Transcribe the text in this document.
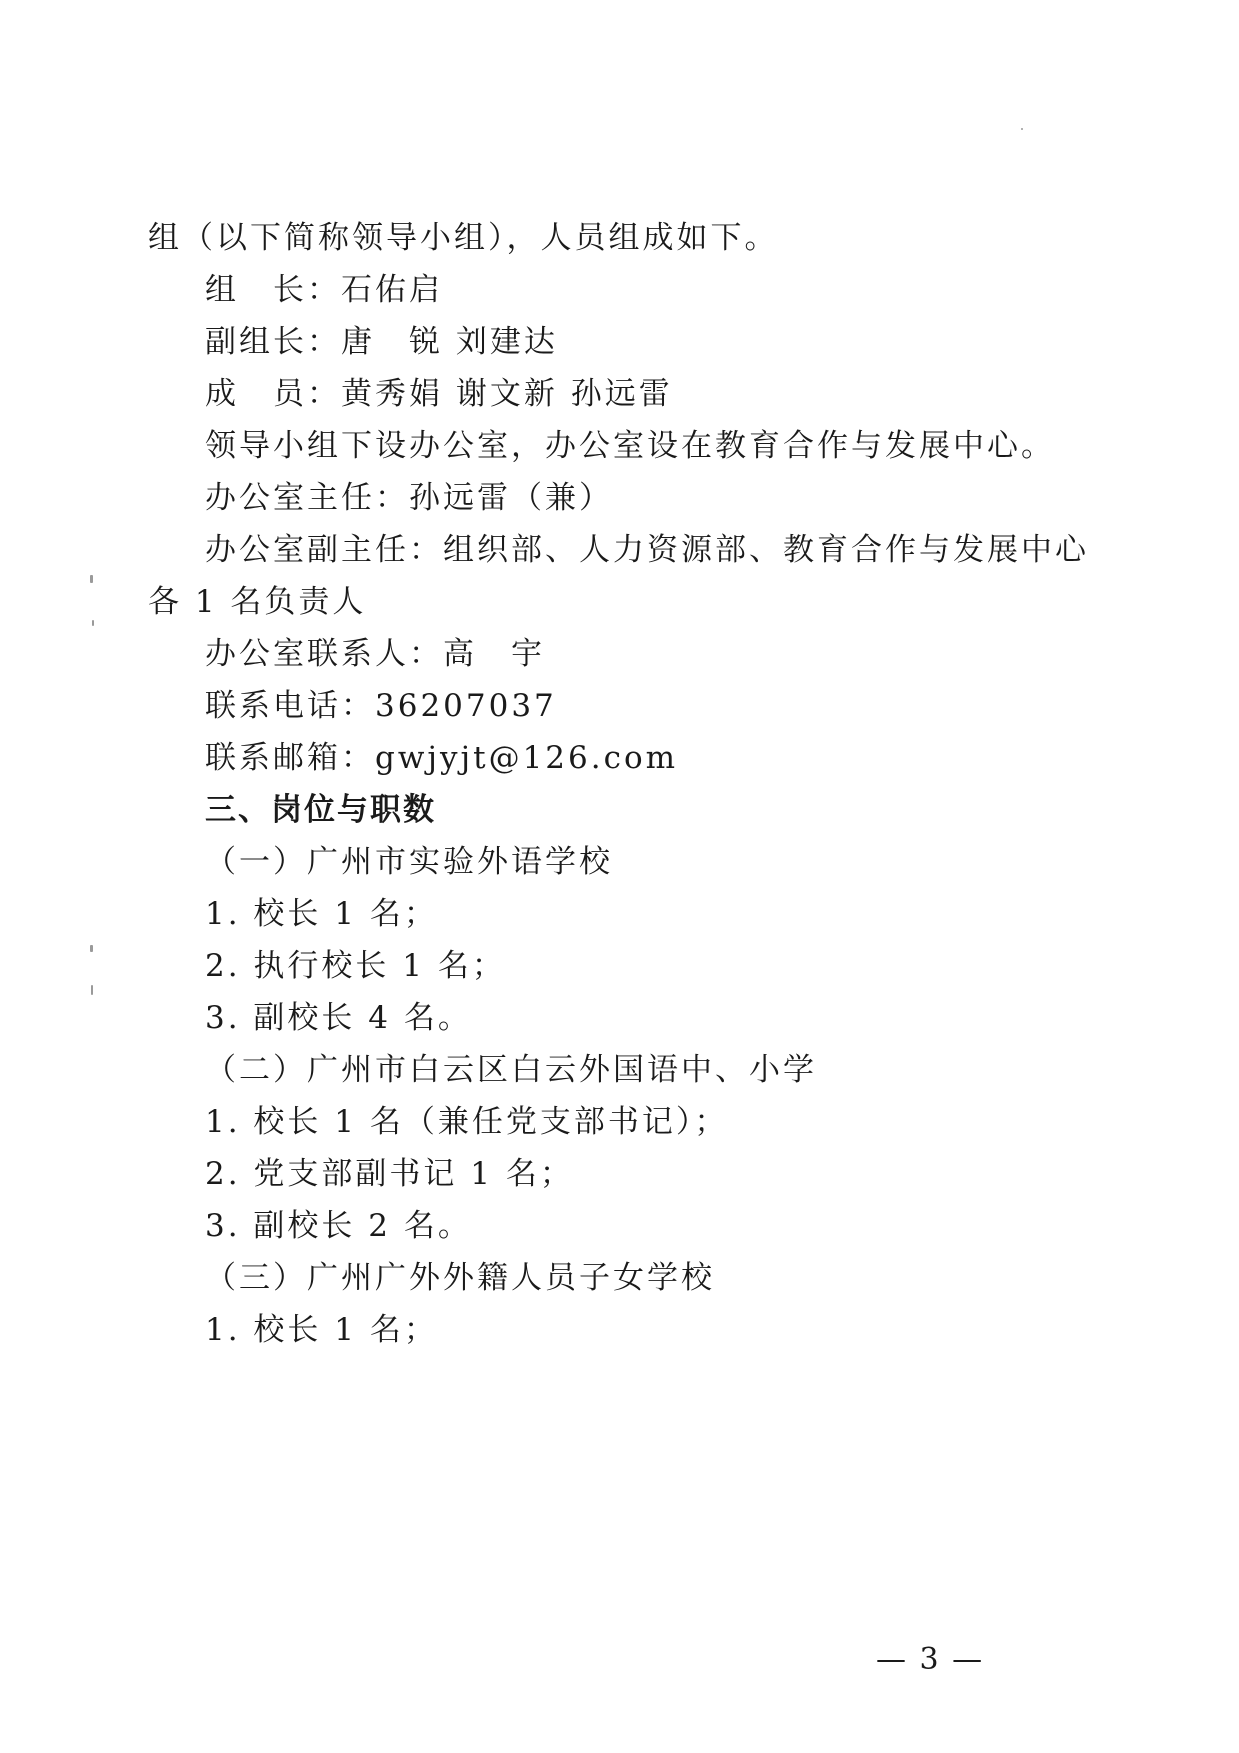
组（以下简称领导小组），人员组成如下。
组　长：石佑启
副组长：唐　锐 刘建达
成　员：黄秀娟 谢文新 孙远雷
领导小组下设办公室，办公室设在教育合作与发展中心。
办公室主任：孙远雷（兼）
办公室副主任：组织部、人力资源部、教育合作与发展中心
各 1 名负责人
办公室联系人：高　宇
联系电话：36207037
联系邮箱：gwjyjt@126.com
三、岗位与职数
（一）广州市实验外语学校
1. 校长 1 名；
2. 执行校长 1 名；
3. 副校长 4 名。
（二）广州市白云区白云外国语中、小学
1. 校长 1 名（兼任党支部书记）；
2. 党支部副书记 1 名；
3. 副校长 2 名。
（三）广州广外外籍人员子女学校
1. 校长 1 名；
— 3 —
